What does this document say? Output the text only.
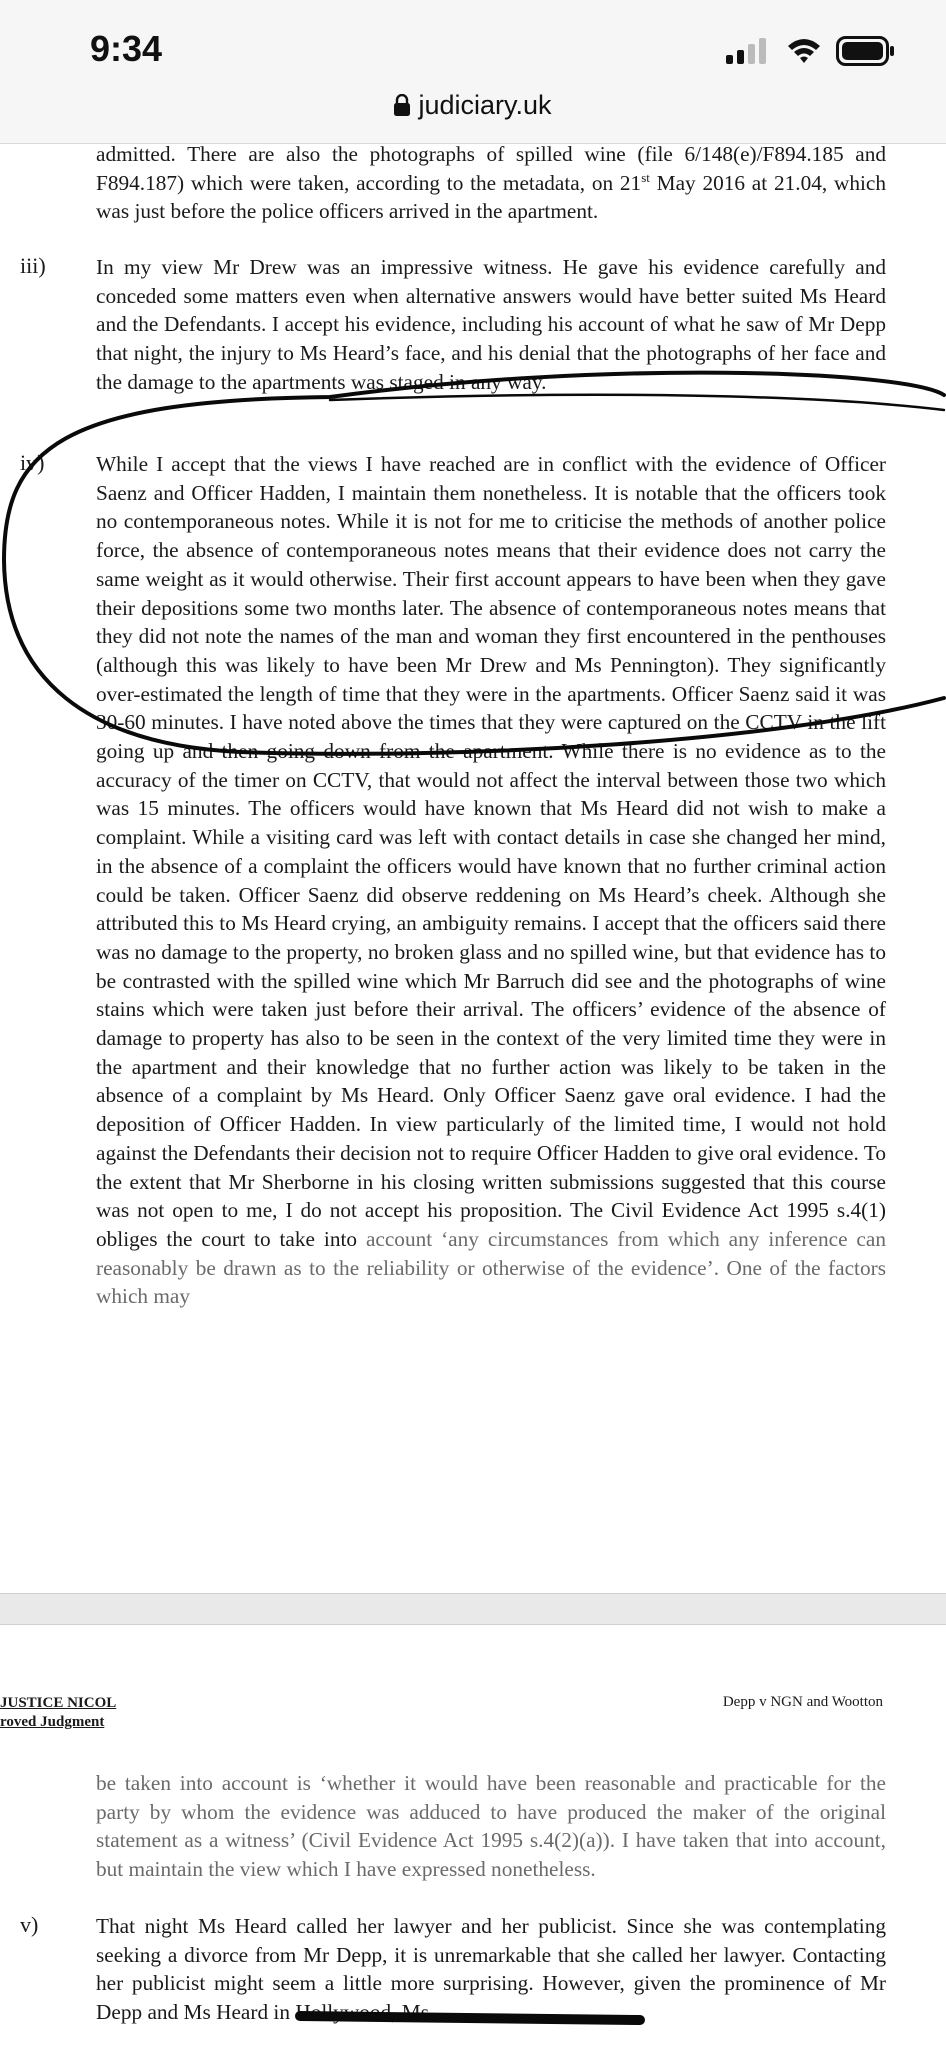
9:34
judiciary.uk
admitted. There are also the photographs of spilled wine (file 6/148(e)/F894.185 and F894.187) which were taken, according to the metadata, on 21st May 2016 at 21.04, which was just before the police officers arrived in the apartment.
iii) In my view Mr Drew was an impressive witness. He gave his evidence carefully and conceded some matters even when alternative answers would have better suited Ms Heard and the Defendants. I accept his evidence, including his account of what he saw of Mr Depp that night, the injury to Ms Heard’s face, and his denial that the photographs of her face and the damage to the apartments was staged in any way.
iv) While I accept that the views I have reached are in conflict with the evidence of Officer Saenz and Officer Hadden, I maintain them nonetheless. It is notable that the officers took no contemporaneous notes. While it is not for me to criticise the methods of another police force, the absence of contemporaneous notes means that their evidence does not carry the same weight as it would otherwise. Their first account appears to have been when they gave their depositions some two months later. The absence of contemporaneous notes means that they did not note the names of the man and woman they first encountered in the penthouses (although this was likely to have been Mr Drew and Ms Pennington). They significantly over-estimated the length of time that they were in the apartments. Officer Saenz said it was 30-60 minutes. I have noted above the times that they were captured on the CCTV in the lift going up and then going down from the apartment. While there is no evidence as to the accuracy of the timer on CCTV, that would not affect the interval between those two which was 15 minutes. The officers would have known that Ms Heard did not wish to make a complaint. While a visiting card was left with contact details in case she changed her mind, in the absence of a complaint the officers would have known that no further criminal action could be taken. Officer Saenz did observe reddening on Ms Heard’s cheek. Although she attributed this to Ms Heard crying, an ambiguity remains. I accept that the officers said there was no damage to the property, no broken glass and no spilled wine, but that evidence has to be contrasted with the spilled wine which Mr Barruch did see and the photographs of wine stains which were taken just before their arrival. The officers’ evidence of the absence of damage to property has also to be seen in the context of the very limited time they were in the apartment and their knowledge that no further action was likely to be taken in the absence of a complaint by Ms Heard. Only Officer Saenz gave oral evidence. I had the deposition of Officer Hadden. In view particularly of the limited time, I would not hold against the Defendants their decision not to require Officer Hadden to give oral evidence. To the extent that Mr Sherborne in his closing written submissions suggested that this course was not open to me, I do not accept his proposition. The Civil Evidence Act 1995 s.4(1) obliges the court to take into account ‘any circumstances from which any inference can reasonably be drawn as to the reliability or otherwise of the evidence’. One of the factors which may
JUSTICE NICOL
roved Judgment
Depp v NGN and Wootton
be taken into account is ‘whether it would have been reasonable and practicable for the party by whom the evidence was adduced to have produced the maker of the original statement as a witness’ (Civil Evidence Act 1995 s.4(2)(a)). I have taken that into account, but maintain the view which I have expressed nonetheless.
v)	That night Ms Heard called her lawyer and her publicist. Since she was contemplating seeking a divorce from Mr Depp, it is unremarkable that she called her lawyer. Contacting her publicist might seem a little more surprising. However, given the prominence of Mr Depp and Ms Heard in Hollywood, Ms
